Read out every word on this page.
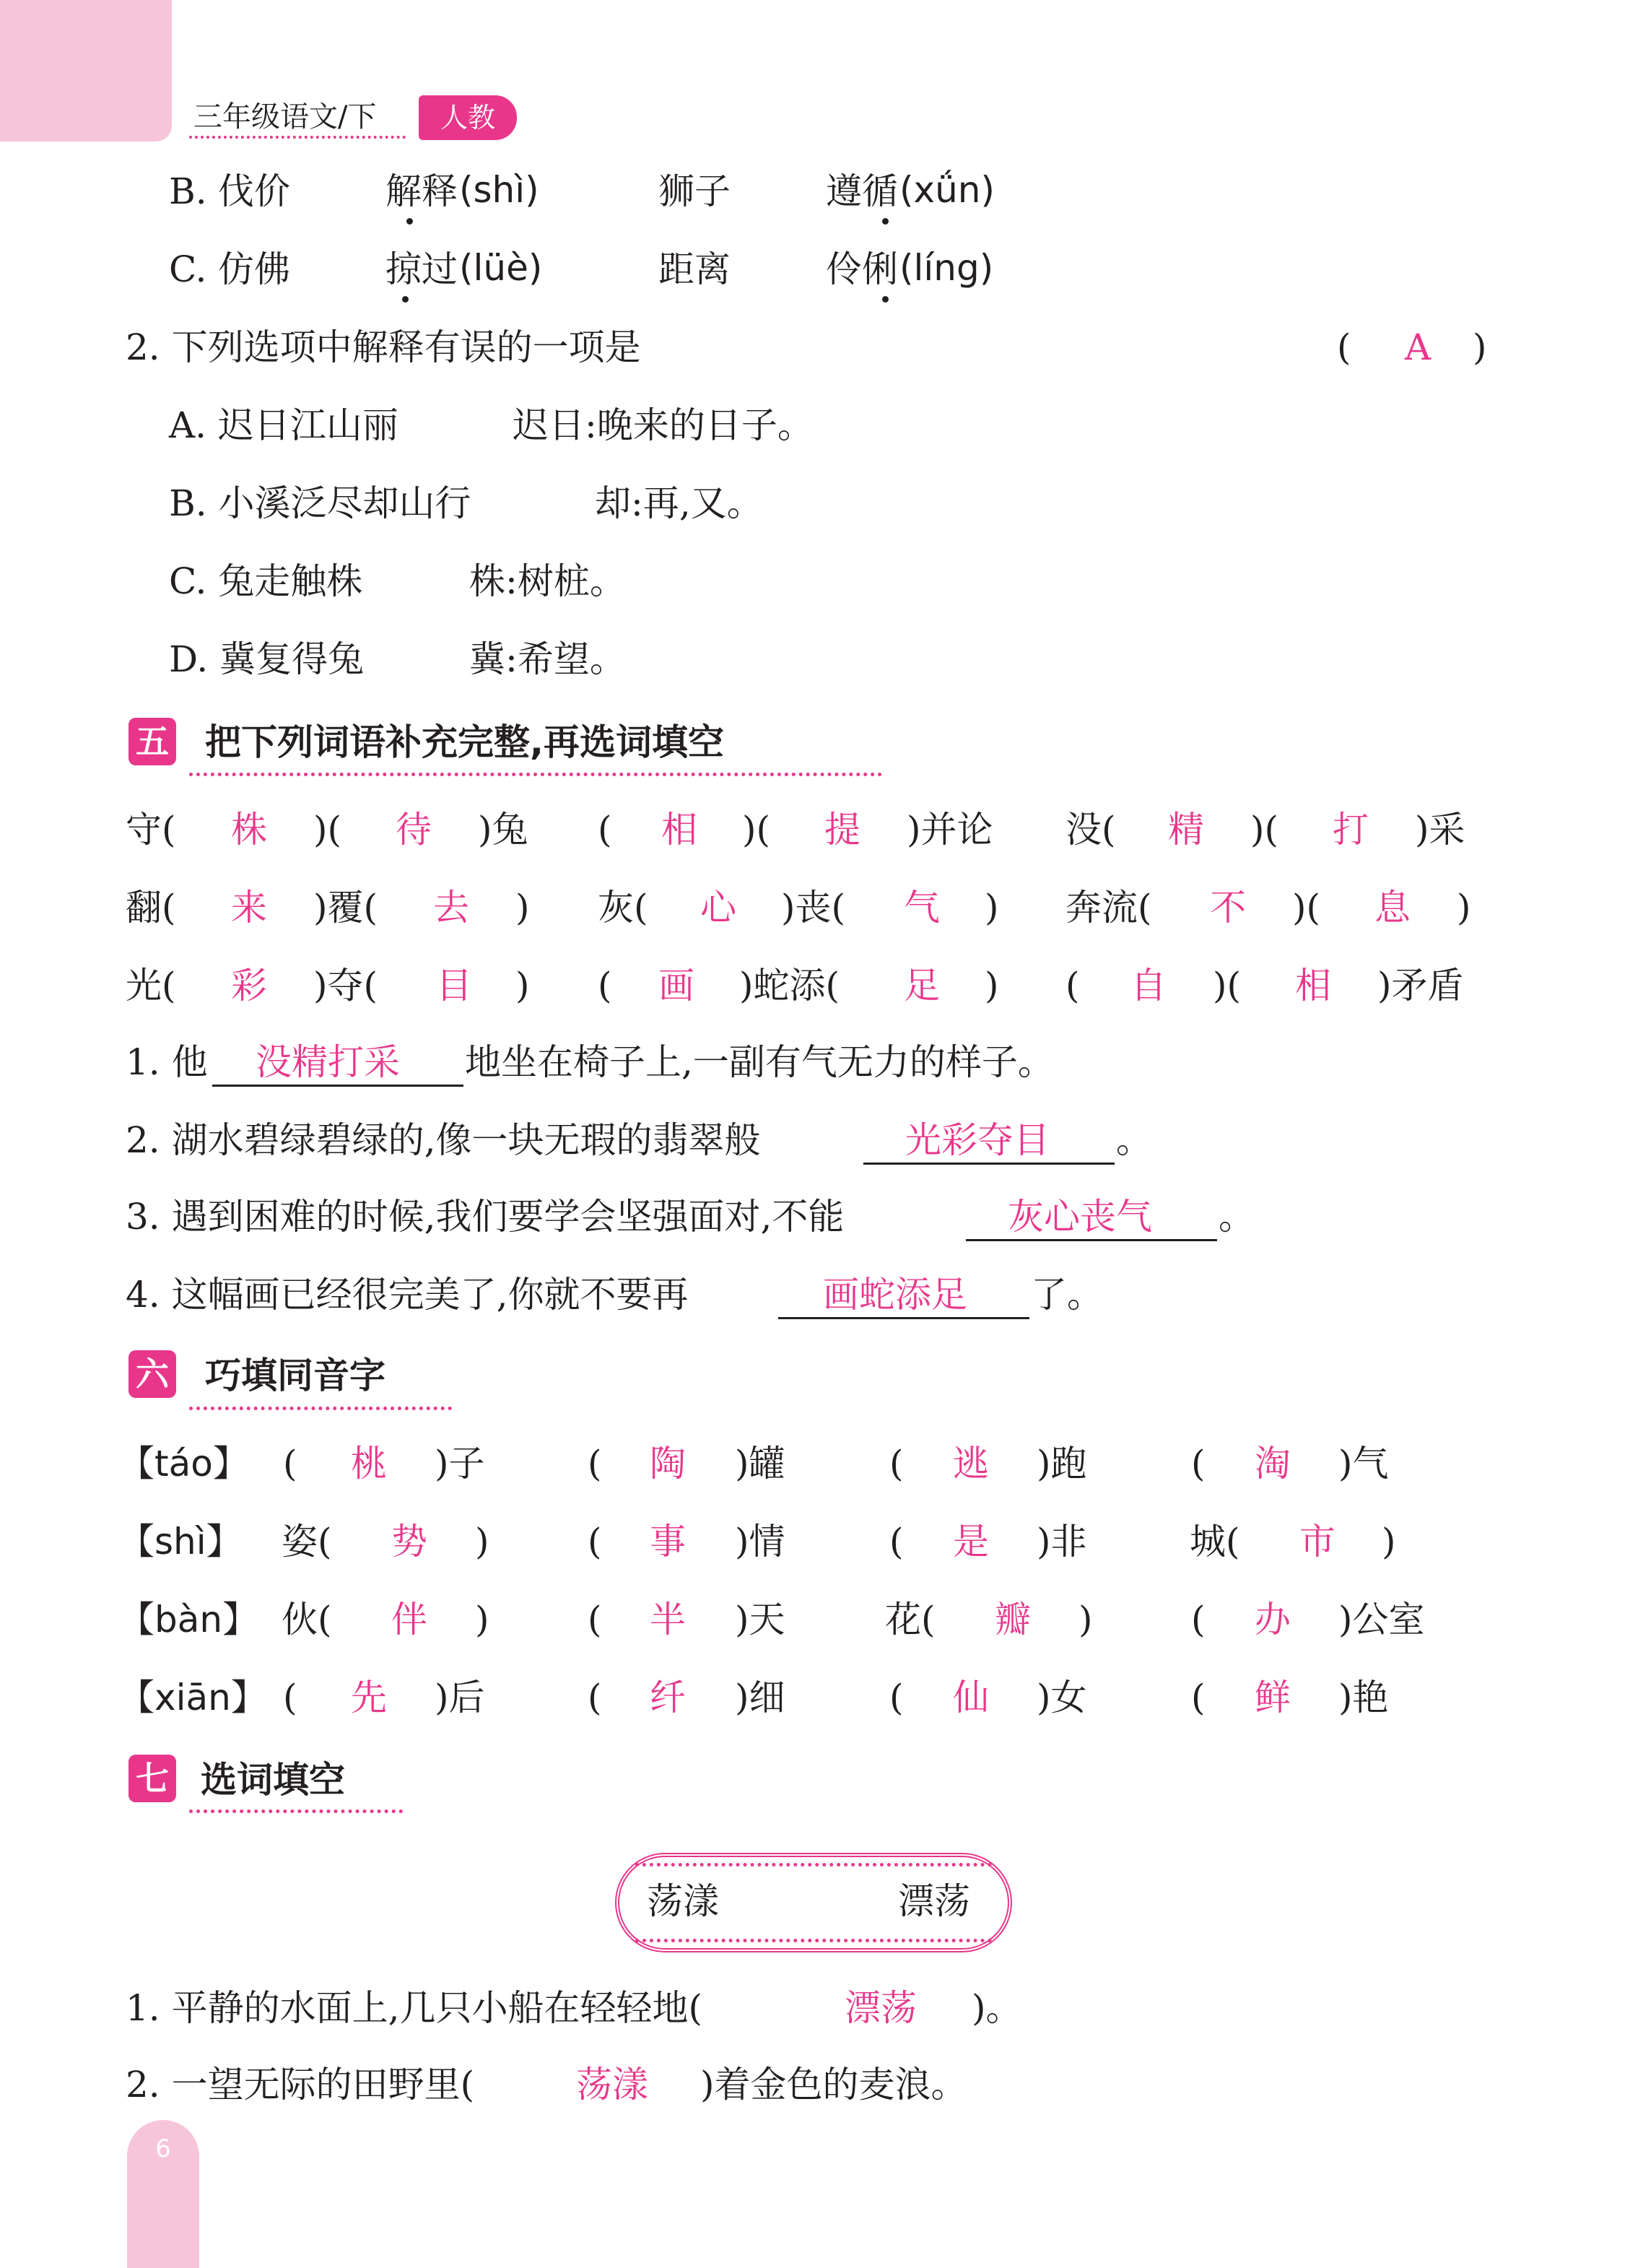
三年级语文/下	人教
B. 伐价	解释 (shì)	狮子	遵循 (xǘn)
C. 仿佛	掠过 (lüè)	距离	伶俐 (líng)
2. 下列选项中解释有误的一项是	( A )
A. 迟日江山丽	迟日:晚来的日子。
B. 小溪泛尽却山行	却:再,又。
C. 兔走触株	株:树桩。
D. 冀复得兔	冀:希望。
五 把下列词语补充完整,再选词填空
守( 株 )( 待 )兔 ( 相 )( 提 )并论 没( 精 )( 打 )采
翻( 来 )覆( 去 ) 灰( 心 )丧( 气 ) 奔流( 不 )( 息 )
光( 彩 )夺( 目 ) ( 画 )蛇添( 足 ) ( 自 )( 相 )矛盾
1. 他 没精打采 地坐在椅子上,一副有气无力的样子。
2. 湖水碧绿碧绿的,像一块无瑕的翡翠般	光彩夺目 。
3. 遇到困难的时候,我们要学会坚强面对,不能	灰心丧气 。
4. 这幅画已经很完美了,你就不要再	画蛇添足 了。
六 巧填同音字
【táo】 ( 桃 )子	( 陶 )罐	( 逃 )跑	( 淘 )气
【shì】 姿( 势 )	( 事 )情	( 是 )非	城( 市 )
【bàn】 伙( 伴 )	( 半 )天	花( 瓣 )	( 办 )公室
【xiān】 ( 先 )后	( 纤 )细	( 仙 )女	( 鲜 )艳
七 选词填空
荡漾	漂荡
1. 平静的水面上,几只小船在轻轻地(	漂荡 )。
2. 一望无际的田野里(	荡漾 )着金色的麦浪。
6
